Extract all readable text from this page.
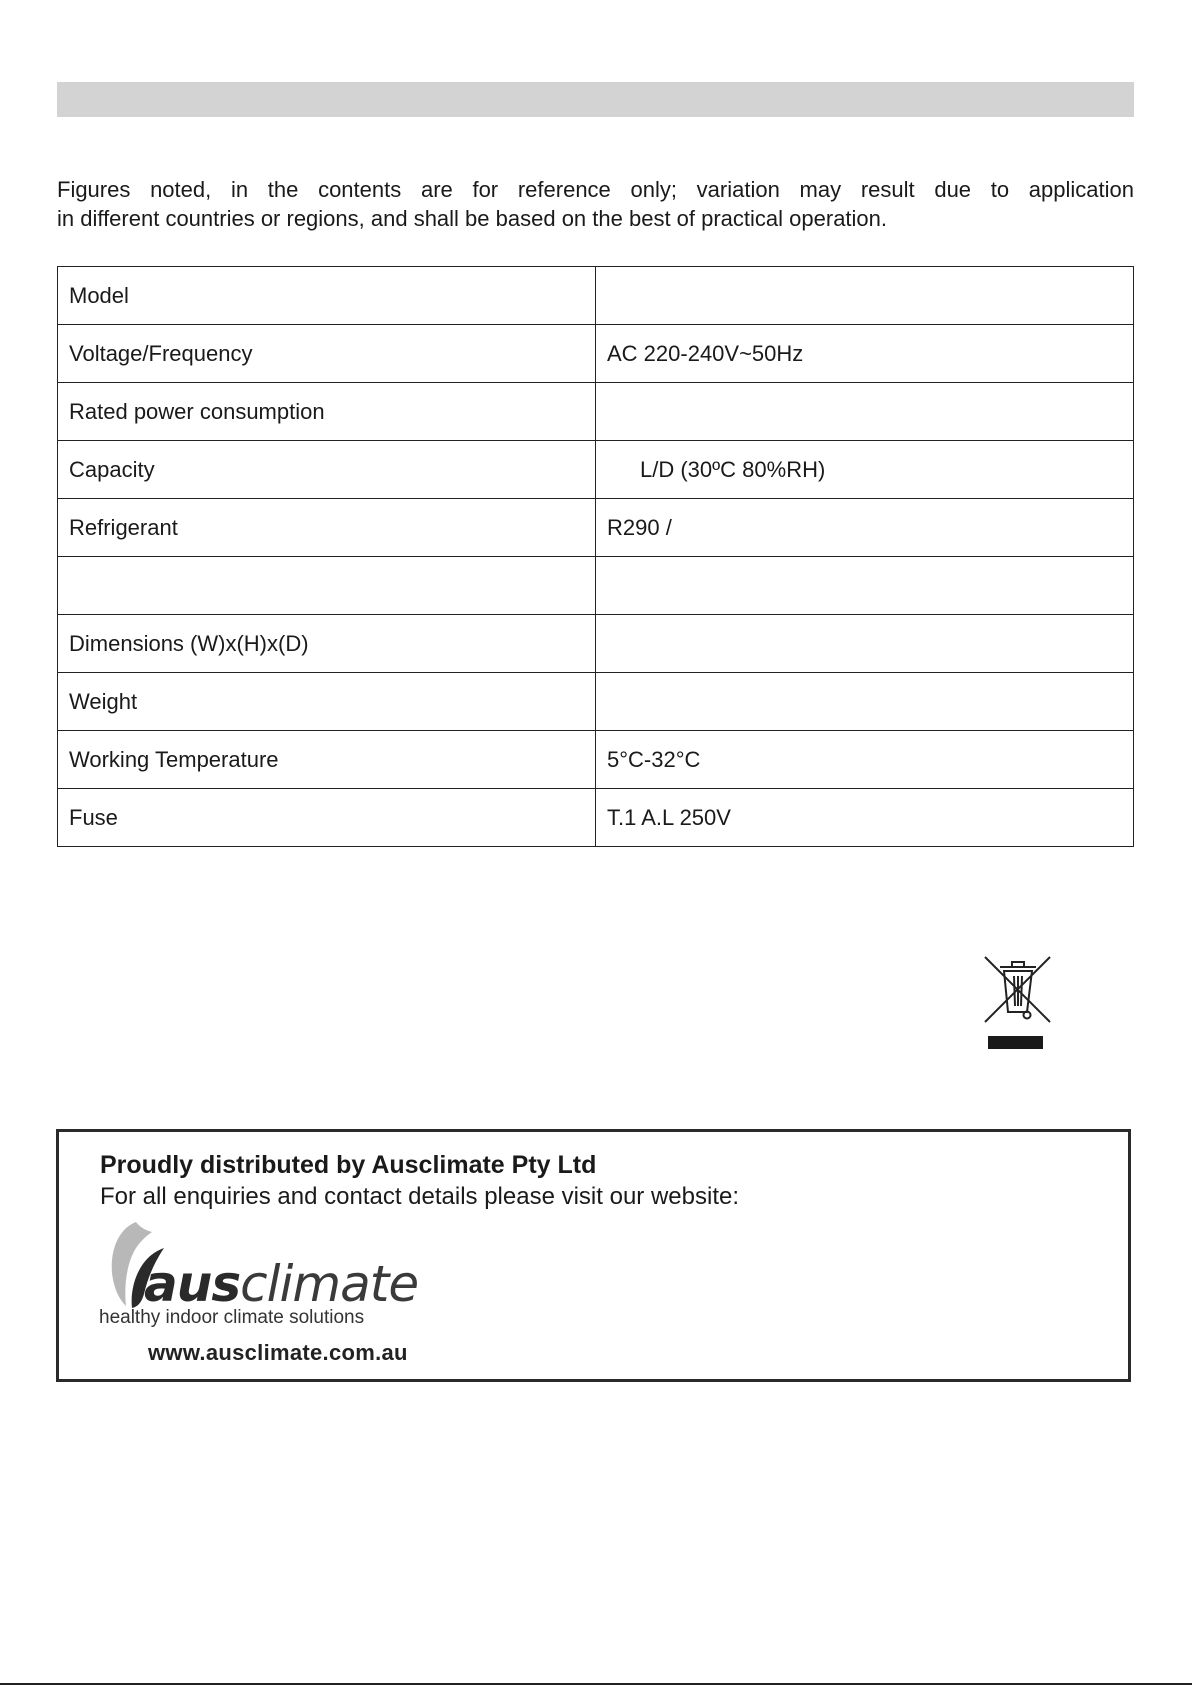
Figures noted, in the contents are for reference only; variation may result due to application

in different countries or regions, and shall be based on the best of practical operation.

Model	
Voltage/Frequency	AC 220-240V~50Hz
Rated power consumption	
Capacity	L/D (30ºC 80%RH)
Refrigerant	R290 /

Dimensions (W)x(H)x(D)	
Weight	
Working Temperature	5°C-32°C
Fuse	T.1 A.L 250V
Proudly distributed by Ausclimate Pty Ltd
For all enquiries and contact details please visit our website:
ausclimate
healthy indoor climate solutions
www.ausclimate.com.au
